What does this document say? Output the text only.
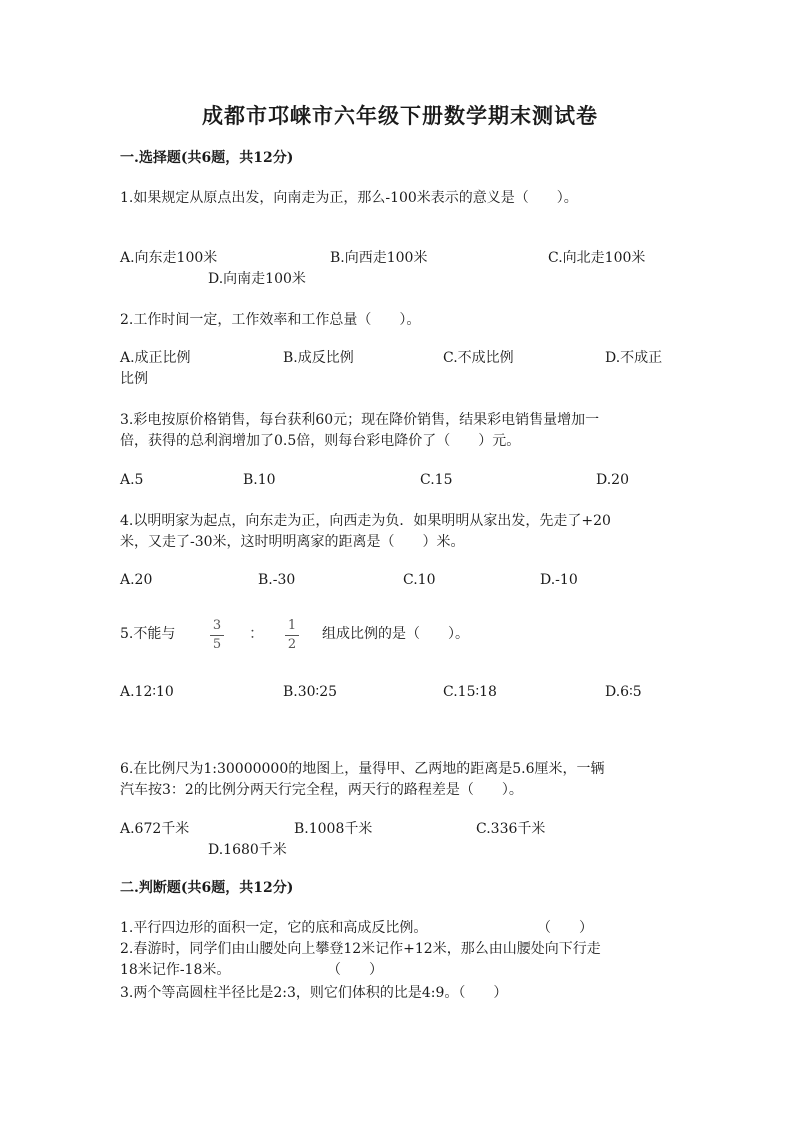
成都市邛崃市六年级下册数学期末测试卷
一.选择题(共6题，共12分)
1.如果规定从原点出发，向南走为正，那么-100米表示的意义是（　　）。
A.向东走100米	B.向西走100米	C.向北走100米
D.向南走100米
2.工作时间一定，工作效率和工作总量（　　）。
A.成正比例	B.成反比例	C.不成比例	D.不成正
比例
3.彩电按原价格销售，每台获利60元；现在降价销售，结果彩电销售量增加一
倍，获得的总利润增加了0.5倍，则每台彩电降价了（　　）元。
A.5	B.10	C.15	D.20
4.以明明家为起点，向东走为正，向西走为负．如果明明从家出发，先走了+20
米，又走了-30米，这时明明离家的距离是（　　）米。
A.20	B.-30	C.10	D.-10
5.不能与
3
5
：	1
2
组成比例的是（　　）。
A.12∶10	B.30∶25	C.15∶18	D.6∶5
6.在比例尺为1:30000000的地图上，量得甲、乙两地的距离是5.6厘米，一辆
汽车按3：2的比例分两天行完全程，两天行的路程差是（　　）。
A.672千米	B.1008千米	C.336千米
D.1680千米
二.判断题(共6题，共12分)
1.平行四边形的面积一定，它的底和高成反比例。	（　　）
2.春游时，同学们由山腰处向上攀登12米记作+12米，那么由山腰处向下行走
18米记作-18米。	（　　）
3.两个等高圆柱半径比是2:3，则它们体积的比是4:9。（　　）
